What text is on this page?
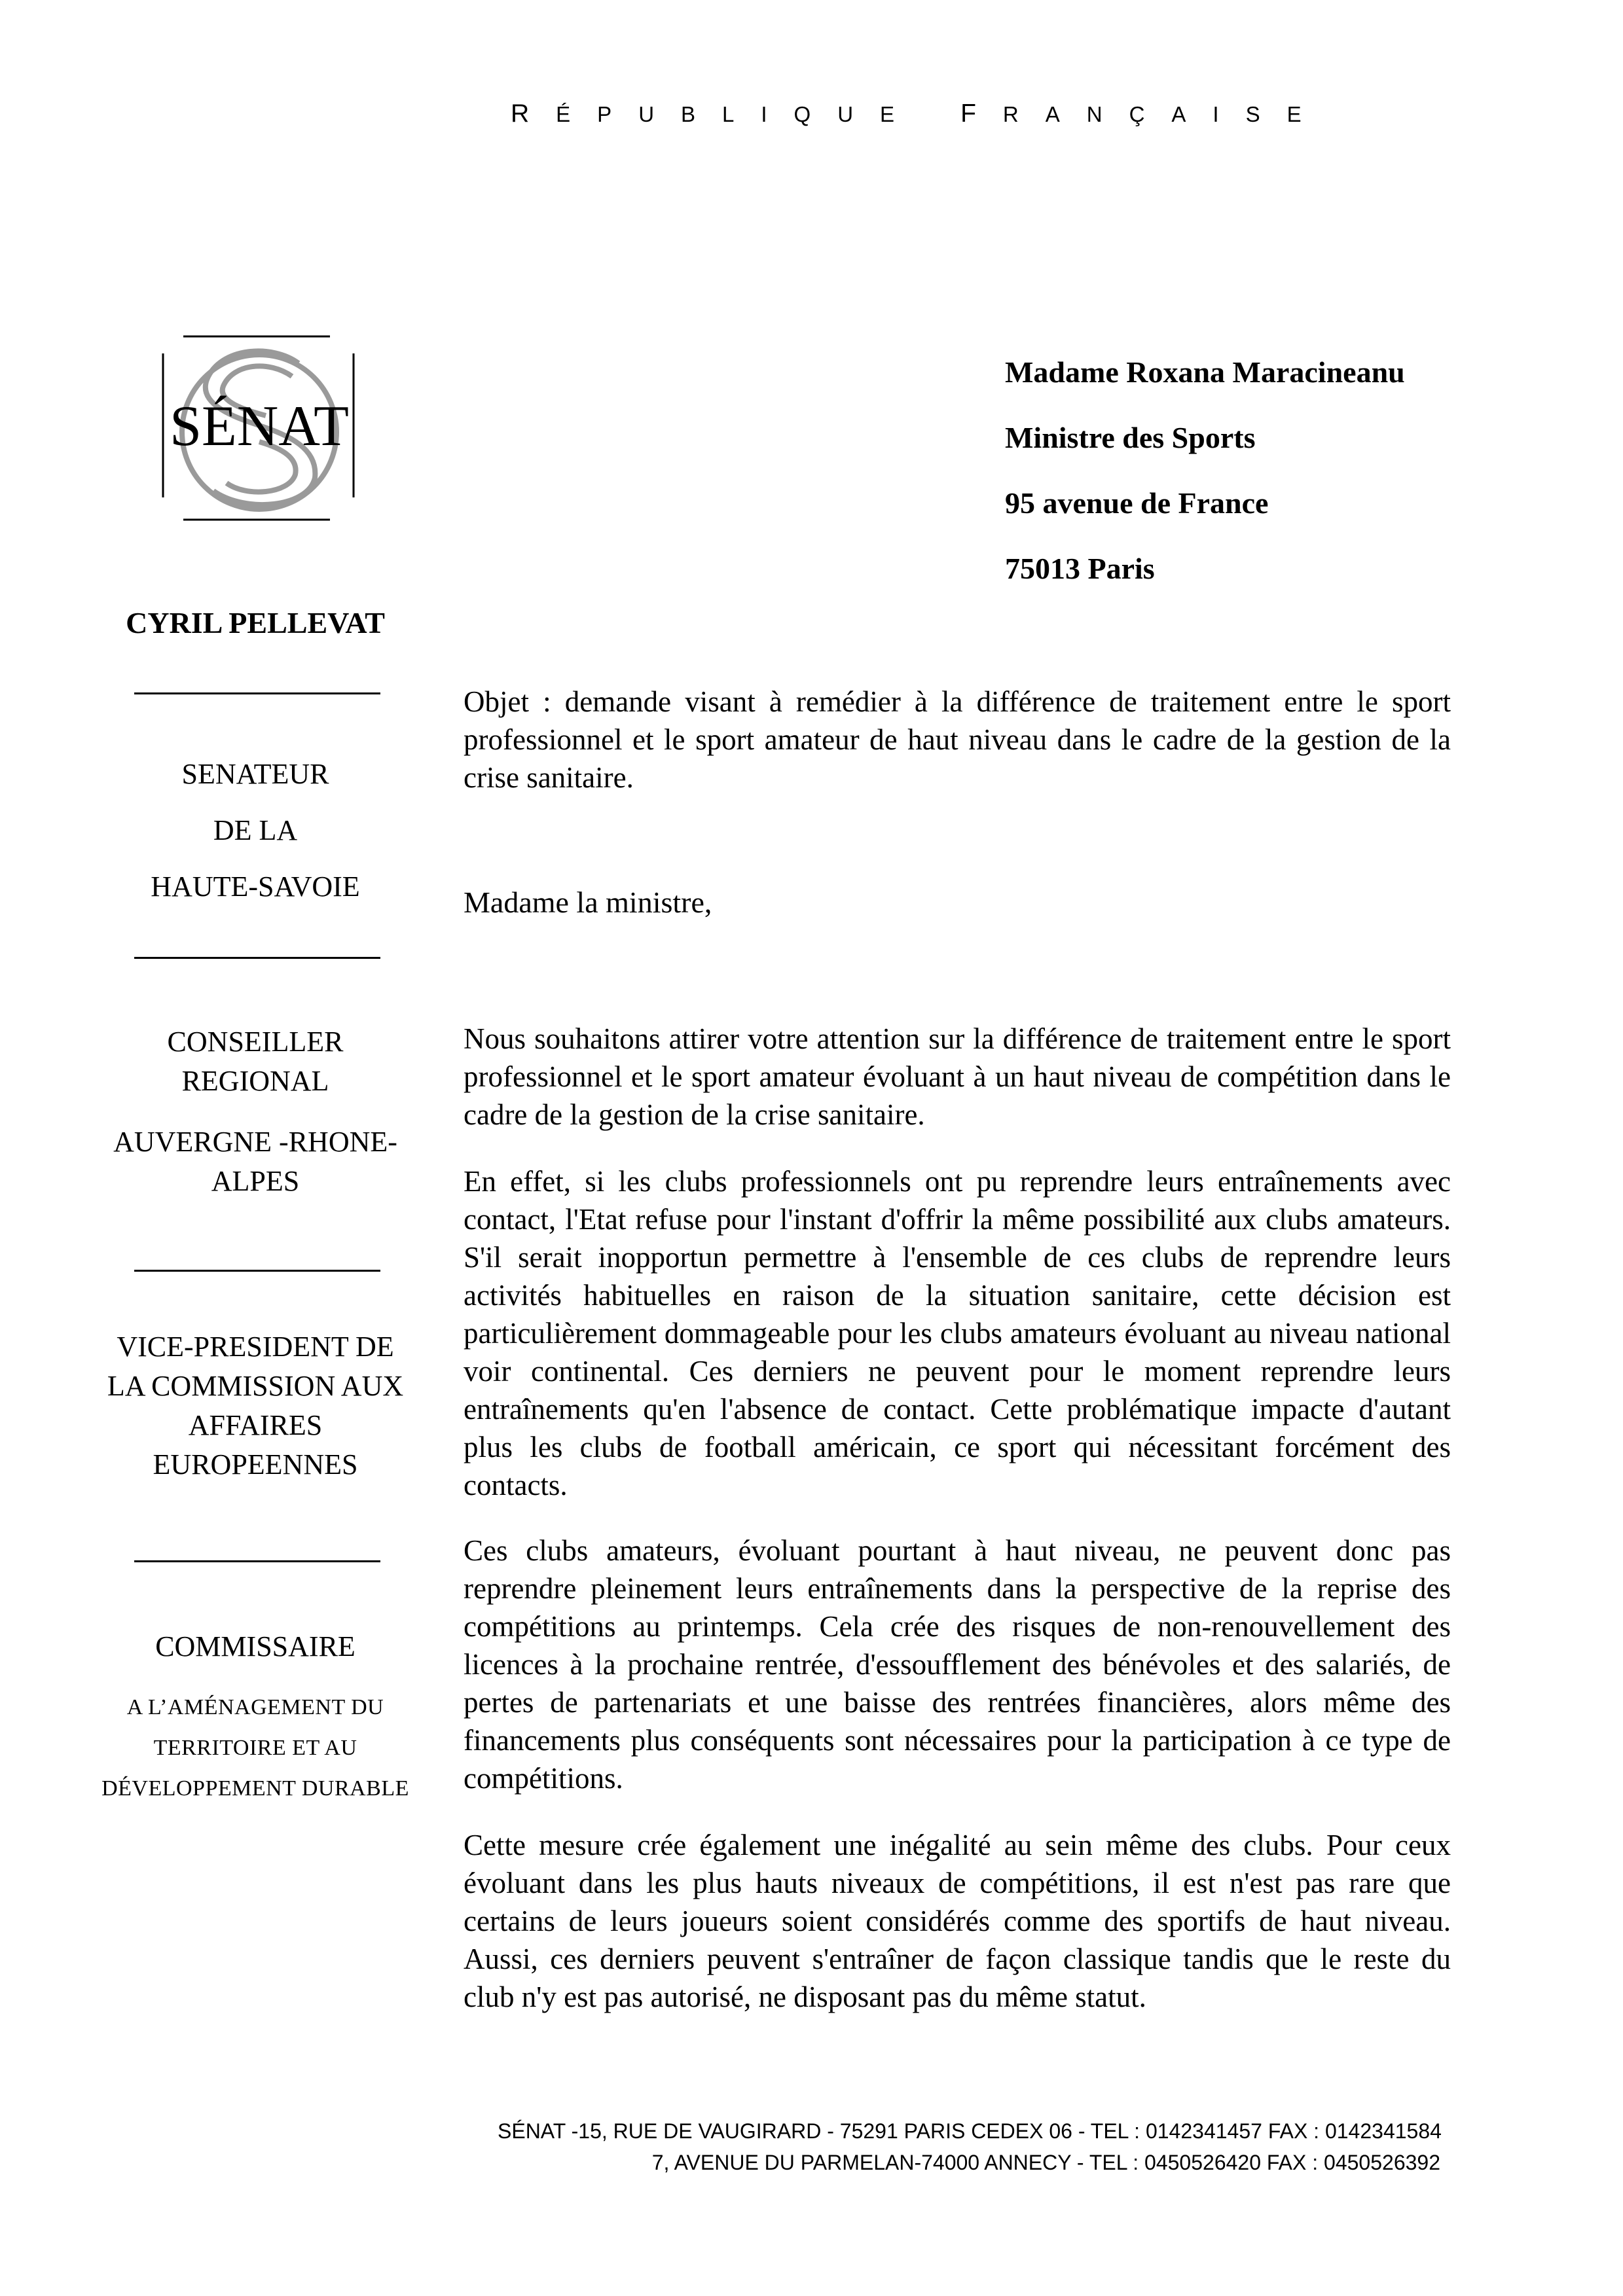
RÉPUBLIQUE FRANÇAISE
SÉNAT
CYRIL PELLEVAT
SENATEUR
DE LA
HAUTE-SAVOIE
CONSEILLER
REGIONAL
AUVERGNE -RHONE-
ALPES
VICE-PRESIDENT DE
LA COMMISSION AUX
AFFAIRES
EUROPEENNES
COMMISSAIRE
A L’AMÉNAGEMENT DU
TERRITOIRE ET AU
DÉVELOPPEMENT DURABLE
Madame Roxana Maracineanu
Ministre des Sports
95 avenue de France
75013 Paris
Objet : demande visant à remédier à la différence de traitement entre le sport professionnel et le sport amateur de haut niveau dans le cadre de la gestion de la crise sanitaire.
Madame la ministre,

Nous souhaitons attirer votre attention sur la différence de traitement entre le sport professionnel et le sport amateur évoluant à un haut niveau de compétition dans le cadre de la gestion de la crise sanitaire.

En effet, si les clubs professionnels ont pu reprendre leurs entraînements avec contact, l'Etat refuse pour l'instant d'offrir la même possibilité aux clubs amateurs. S'il serait inopportun permettre à l'ensemble de ces clubs de reprendre leurs activités habituelles en raison de la situation sanitaire, cette décision est particulièrement dommageable pour les clubs amateurs évoluant au niveau national voir continental. Ces derniers ne peuvent pour le moment reprendre leurs entraînements qu'en l'absence de contact. Cette problématique impacte d'autant plus les clubs de football américain, ce sport qui nécessitant forcément des contacts.

Ces clubs amateurs, évoluant pourtant à haut niveau, ne peuvent donc pas reprendre pleinement leurs entraînements dans la perspective de la reprise des compétitions au printemps. Cela crée des risques de non-renouvellement des licences à la prochaine rentrée, d'essoufflement des bénévoles et des salariés, de pertes de partenariats et une baisse des rentrées financières, alors même des financements plus conséquents sont nécessaires pour la participation à ce type de compétitions.

Cette mesure crée également une inégalité au sein même des clubs. Pour ceux évoluant dans les plus hauts niveaux de compétitions, il est n'est pas rare que certains de leurs joueurs soient considérés comme des sportifs de haut niveau. Aussi, ces derniers peuvent s'entraîner de façon classique tandis que le reste du club n'y est pas autorisé, ne disposant pas du même statut.

SÉNAT -15, RUE DE VAUGIRARD - 75291 PARIS CEDEX 06 - TEL : 0142341457 FAX : 0142341584
7, AVENUE DU PARMELAN-74000 ANNECY - TEL : 0450526420 FAX : 0450526392
